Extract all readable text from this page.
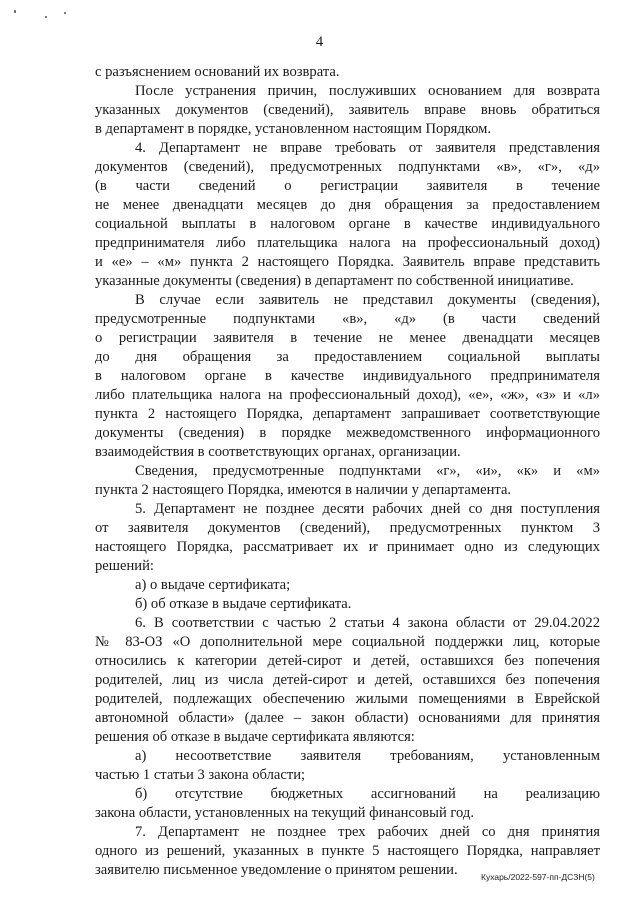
4
с разъяснением оснований их возврата.
После устранения причин, послуживших основанием для возврата
указанных документов (сведений), заявитель вправе вновь обратиться
в департамент в порядке, установленном настоящим Порядком.
4. Департамент не вправе требовать от заявителя представления
документов (сведений), предусмотренных подпунктами «в», «г», «д»
(в части сведений о регистрации заявителя в течение
не менее двенадцати месяцев до дня обращения за предоставлением
социальной выплаты в налоговом органе в качестве индивидуального
предпринимателя либо плательщика налога на профессиональный доход)
и «е» – «м» пункта 2 настоящего Порядка. Заявитель вправе представить
указанные документы (сведения) в департамент по собственной инициативе.
В случае если заявитель не представил документы (сведения),
предусмотренные подпунктами «в», «д» (в части сведений
о регистрации заявителя в течение не менее двенадцати месяцев
до дня обращения за предоставлением социальной выплаты
в налоговом органе в качестве индивидуального предпринимателя
либо плательщика налога на профессиональный доход), «е», «ж», «з» и «л»
пункта 2 настоящего Порядка, департамент запрашивает соответствующие
документы (сведения) в порядке межведомственного информационного
взаимодействия в соответствующих органах, организации.
Сведения, предусмотренные подпунктами «г», «и», «к» и «м»
пункта 2 настоящего Порядка, имеются в наличии у департамента.
5. Департамент не позднее десяти рабочих дней со дня поступления
от заявителя документов (сведений), предусмотренных пунктом 3
настоящего Порядка, рассматривает их и принимает одно из следующих
решений:
а) о выдаче сертификата;
б) об отказе в выдаче сертификата.
6. В соответствии с частью 2 статьи 4 закона области от 29.04.2022
№ 83-ОЗ «О дополнительной мере социальной поддержки лиц, которые
относились к категории детей-сирот и детей, оставшихся без попечения
родителей, лиц из числа детей-сирот и детей, оставшихся без попечения
родителей, подлежащих обеспечению жилыми помещениями в Еврейской
автономной области» (далее – закон области) основаниями для принятия
решения об отказе в выдаче сертификата являются:
а) несоответствие заявителя требованиям, установленным
частью 1 статьи 3 закона области;
б) отсутствие бюджетных ассигнований на реализацию
закона области, установленных на текущий финансовый год.
7. Департамент не позднее трех рабочих дней со дня принятия
одного из решений, указанных в пункте 5 настоящего Порядка, направляет
заявителю письменное уведомление о принятом решении.	Кухарь/2022-597-пп-ДСЗН(5)
